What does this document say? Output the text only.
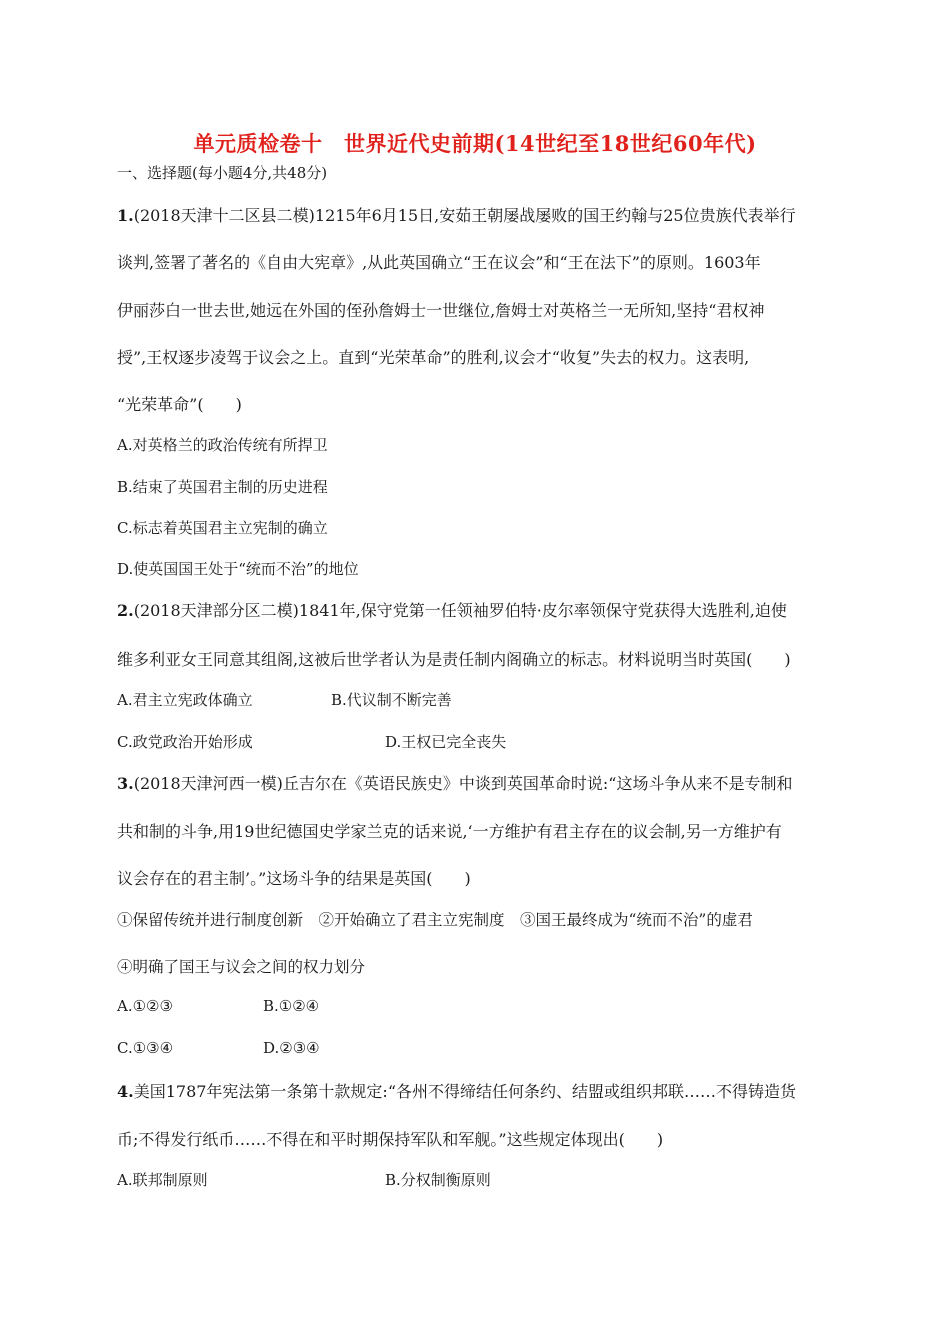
单元质检卷十　世界近代史前期(14世纪至18世纪60年代)
一、选择题(每小题4分,共48分)
1.(2018天津十二区县二模)1215年6月15日,安茹王朝屡战屡败的国王约翰与25位贵族代表举行
谈判,签署了著名的《自由大宪章》,从此英国确立“王在议会”和“王在法下”的原则。1603年
伊丽莎白一世去世,她远在外国的侄孙詹姆士一世继位,詹姆士对英格兰一无所知,坚持“君权神
授”,王权逐步凌驾于议会之上。直到“光荣革命”的胜利,议会才“收复”失去的权力。这表明,
“光荣革命”(　　)
A.对英格兰的政治传统有所捍卫
B.结束了英国君主制的历史进程
C.标志着英国君主立宪制的确立
D.使英国国王处于“统而不治”的地位
2.(2018天津部分区二模)1841年,保守党第一任领袖罗伯特·皮尔率领保守党获得大选胜利,迫使
维多利亚女王同意其组阁,这被后世学者认为是责任制内阁确立的标志。材料说明当时英国(　　)
A.君主立宪政体确立	B.代议制不断完善
C.政党政治开始形成	D.王权已完全丧失
3.(2018天津河西一模)丘吉尔在《英语民族史》中谈到英国革命时说:“这场斗争从来不是专制和
共和制的斗争,用19世纪德国史学家兰克的话来说,‘一方维护有君主存在的议会制,另一方维护有
议会存在的君主制’。”这场斗争的结果是英国(　　)
①保留传统并进行制度创新　②开始确立了君主立宪制度　③国王最终成为“统而不治”的虚君
④明确了国王与议会之间的权力划分
A.①②③	B.①②④
C.①③④	D.②③④
4.美国1787年宪法第一条第十款规定:“各州不得缔结任何条约、结盟或组织邦联……不得铸造货
币;不得发行纸币……不得在和平时期保持军队和军舰。”这些规定体现出(　　)
A.联邦制原则	B.分权制衡原则
